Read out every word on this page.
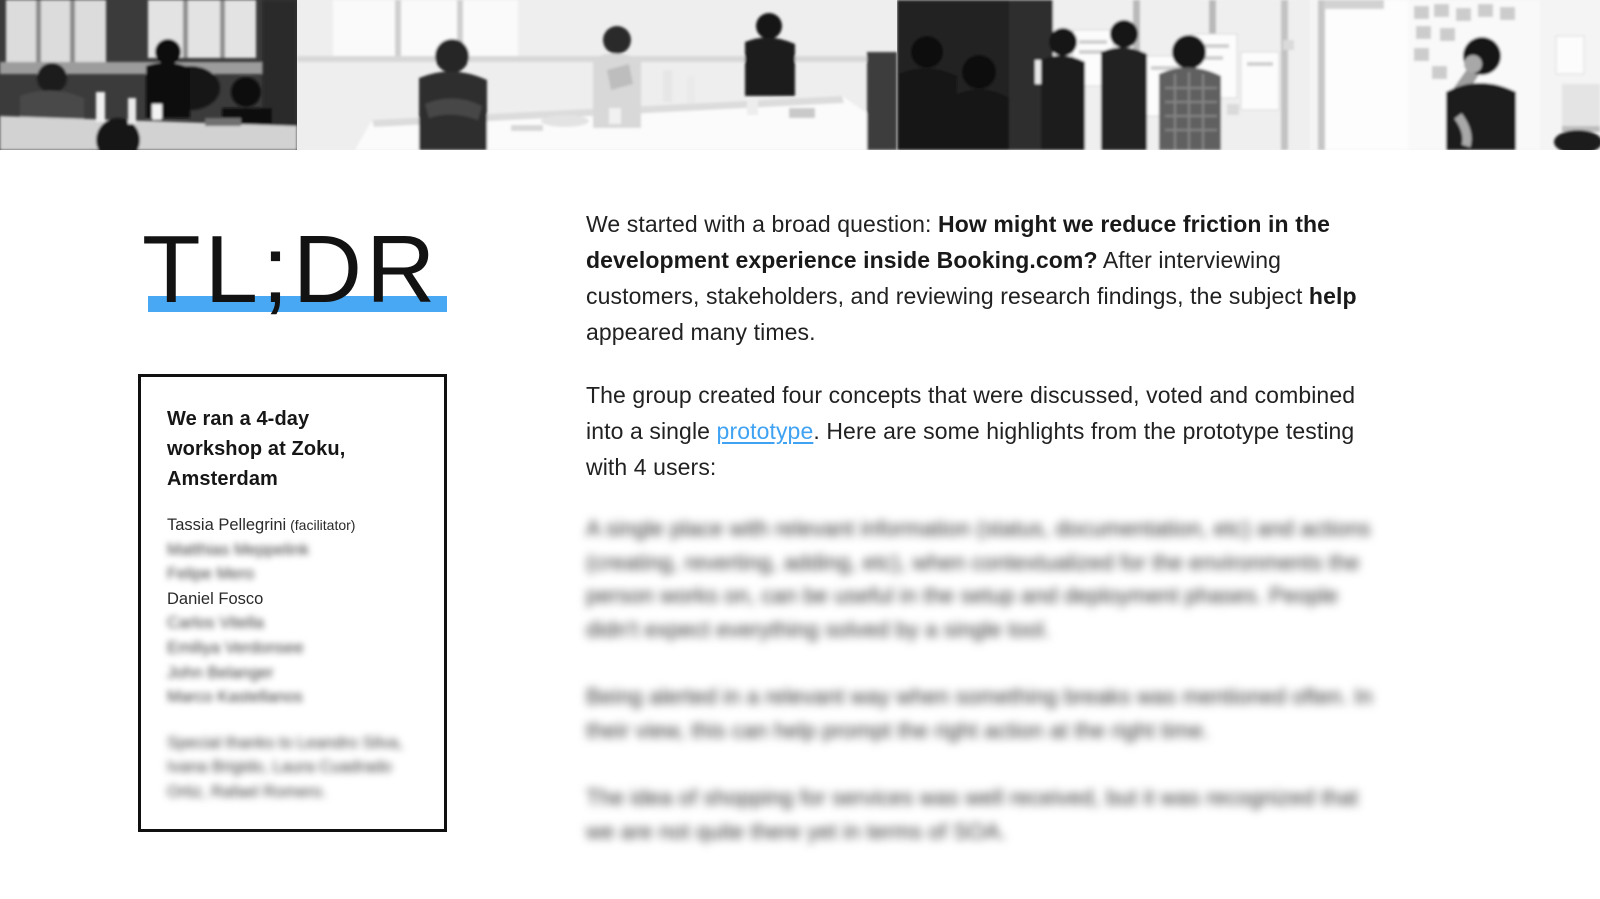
TL;DR
We ran a 4-day workshop at Zoku, Amsterdam
Tassia Pellegrini (facilitator)
Matthias Meppelink
Felipe Mero
Daniel Fosco
Carlos Vitella
Emiliya Verdonsee
John Belanger
Marco Kastellanos

Special thanks to Leandro Silva, Ivana Brigido, Laura Cuadrado Ortiz, Rafael Romero.

We started with a broad question: How might we reduce friction in the development experience inside Booking.com? After interviewing customers, stakeholders, and reviewing research findings, the subject help appeared many times.

The group created four concepts that were discussed, voted and combined into a single prototype. Here are some highlights from the prototype testing with 4 users:

A single place with relevant information (status, documentation, etc) and actions (creating, reverting, adding, etc), when contextualized for the environments the person works on, can be useful in the setup and deployment phases. People didn't expect everything solved by a single tool.

Being alerted in a relevant way when something breaks was mentioned often. In their view, this can help prompt the right action at the right time.

The idea of shopping for services was well received, but it was recognized that we are not quite there yet in terms of SOA.
